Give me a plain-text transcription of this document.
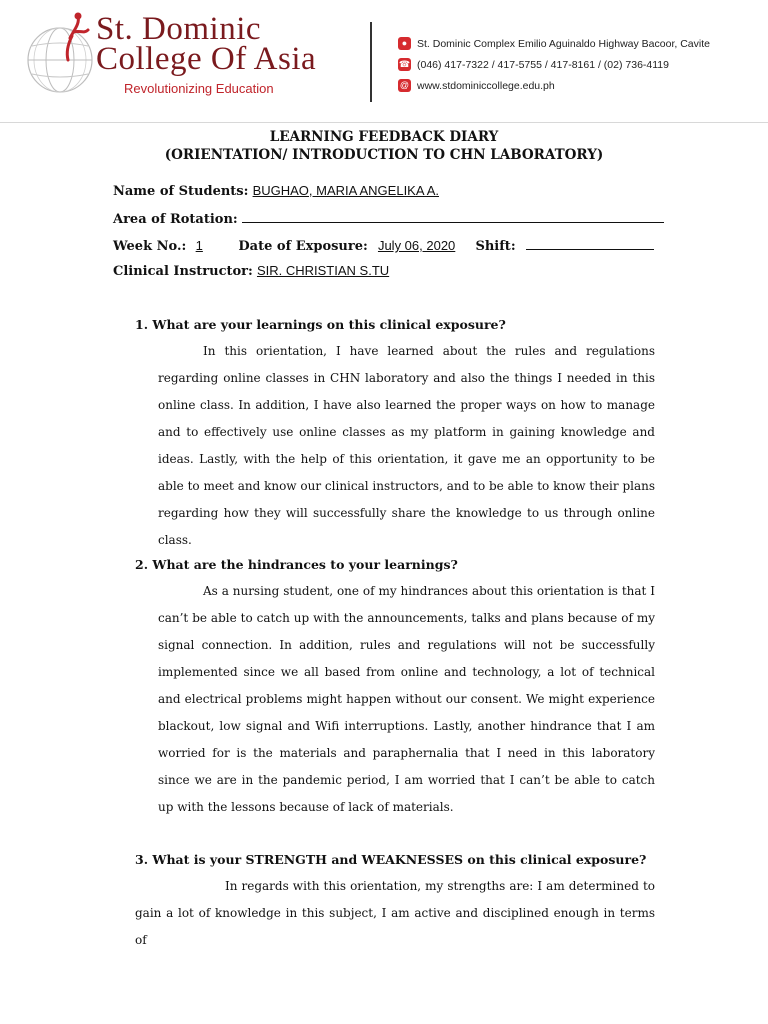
St. Dominic
College Of Asia
Revolutionizing Education
● St. Dominic Complex Emilio Aguinaldo Highway Bacoor, Cavite
☎ (046) 417-7322 / 417-5755 / 417-8161 / (02) 736-4119
@ www.stdominiccollege.edu.ph
LEARNING FEEDBACK DIARY
(ORIENTATION/ INTRODUCTION TO CHN LABORATORY)
Name of Students: BUGHAO, MARIA ANGELIKA A.
Area of Rotation:
Week No.: 1	Date of Exposure: July 06, 2020 Shift:
Clinical Instructor: SIR. CHRISTIAN S.TU
1. What are your learnings on this clinical exposure?
In this orientation, I have learned about the rules and regulations regarding online classes in CHN laboratory and also the things I needed in this online class. In addition, I have also learned the proper ways on how to manage and to effectively use online classes as my platform in gaining knowledge and ideas. Lastly, with the help of this orientation, it gave me an opportunity to be able to meet and know our clinical instructors, and to be able to know their plans regarding how they will successfully share the knowledge to us through online class.
2. What are the hindrances to your learnings?
As a nursing student, one of my hindrances about this orientation is that I can’t be able to catch up with the announcements, talks and plans because of my signal connection. In addition, rules and regulations will not be successfully implemented since we all based from online and technology, a lot of technical and electrical problems might happen without our consent. We might experience blackout, low signal and Wifi interruptions. Lastly, another hindrance that I am worried for is the materials and paraphernalia that I need in this laboratory since we are in the pandemic period, I am worried that I can’t be able to catch up with the lessons because of lack of materials.
3. What is your STRENGTH and WEAKNESSES on this clinical exposure?
In regards with this orientation, my strengths are: I am determined to gain a lot of knowledge in this subject, I am active and disciplined enough in terms of
